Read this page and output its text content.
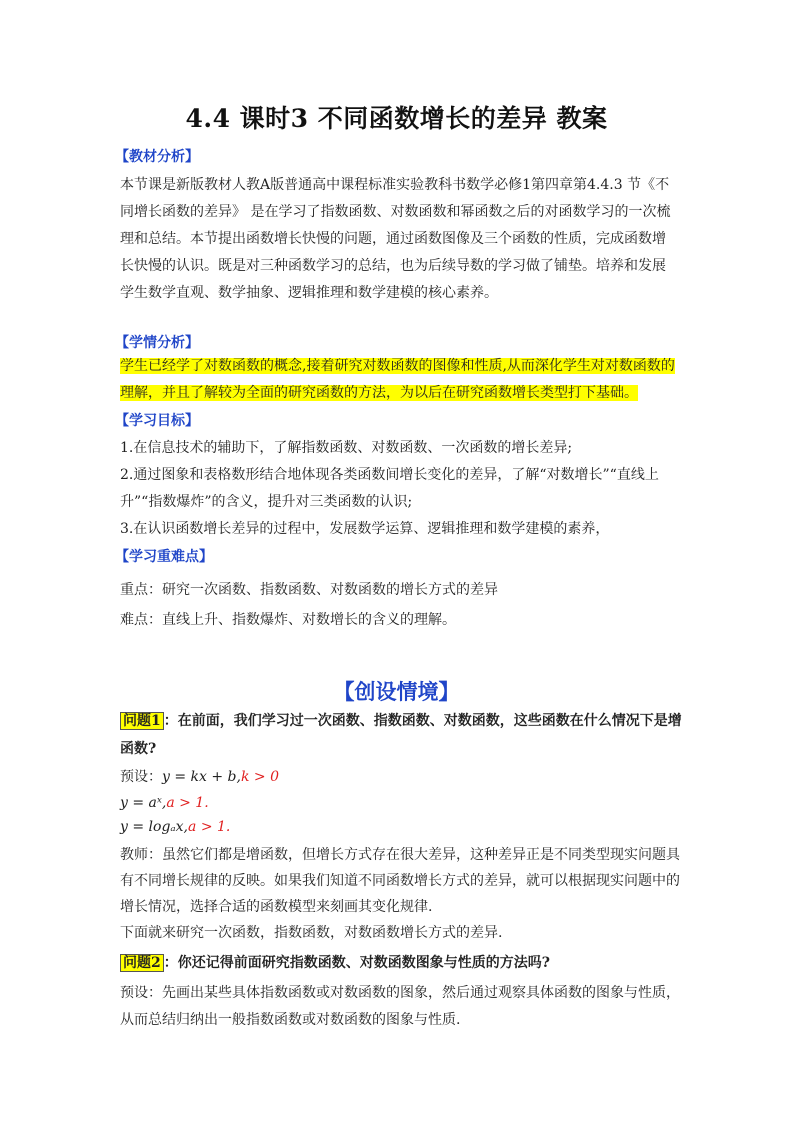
4.4 课时3 不同函数增长的差异 教案
【教材分析】
本节课是新版教材人教A版普通高中课程标准实验教科书数学必修1第四章第4.4.3 节《不同增长函数的差异》 是在学习了指数函数、对数函数和幂函数之后的对函数学习的一次梳理和总结。本节提出函数增长快慢的问题，通过函数图像及三个函数的性质，完成函数增长快慢的认识。既是对三种函数学习的总结，也为后续导数的学习做了铺垫。培养和发展学生数学直观、数学抽象、逻辑推理和数学建模的核心素养。
【学情分析】
学生已经学了对数函数的概念,接着研究对数函数的图像和性质,从而深化学生对对数函数的
理解，并且了解较为全面的研究函数的方法，为以后在研究函数增长类型打下基础。
【学习目标】
1.在信息技术的辅助下，了解指数函数、对数函数、一次函数的增长差异;
2.通过图象和表格数形结合地体现各类函数间增长变化的差异，了解“对数增长”“直线上
升”“指数爆炸”的含义，提升对三类函数的认识;
3.在认识函数增长差异的过程中，发展数学运算、逻辑推理和数学建模的素养，
【学习重难点】
重点：研究一次函数、指数函数、对数函数的增长方式的差异
难点：直线上升、指数爆炸、对数增长的含义的理解。
【创设情境】
问题1 ：在前面，我们学习过一次函数、指数函数、对数函数，这些函数在什么情况下是增
函数?
预设：y = kx + b,k > 0
y = aˣ,a > 1.
y = logₐx,a > 1.
教师：虽然它们都是增函数，但增长方式存在很大差异，这种差异正是不同类型现实问题具
有不同增长规律的反映。如果我们知道不同函数增长方式的差异，就可以根据现实问题中的
增长情况，选择合适的函数模型来刻画其变化规律.
下面就来研究一次函数，指数函数，对数函数增长方式的差异.
问题2 ：你还记得前面研究指数函数、对数函数图象与性质的方法吗?
预设：先画出某些具体指数函数或对数函数的图象，然后通过观察具体函数的图象与性质，
从而总结归纳出一般指数函数或对数函数的图象与性质.
